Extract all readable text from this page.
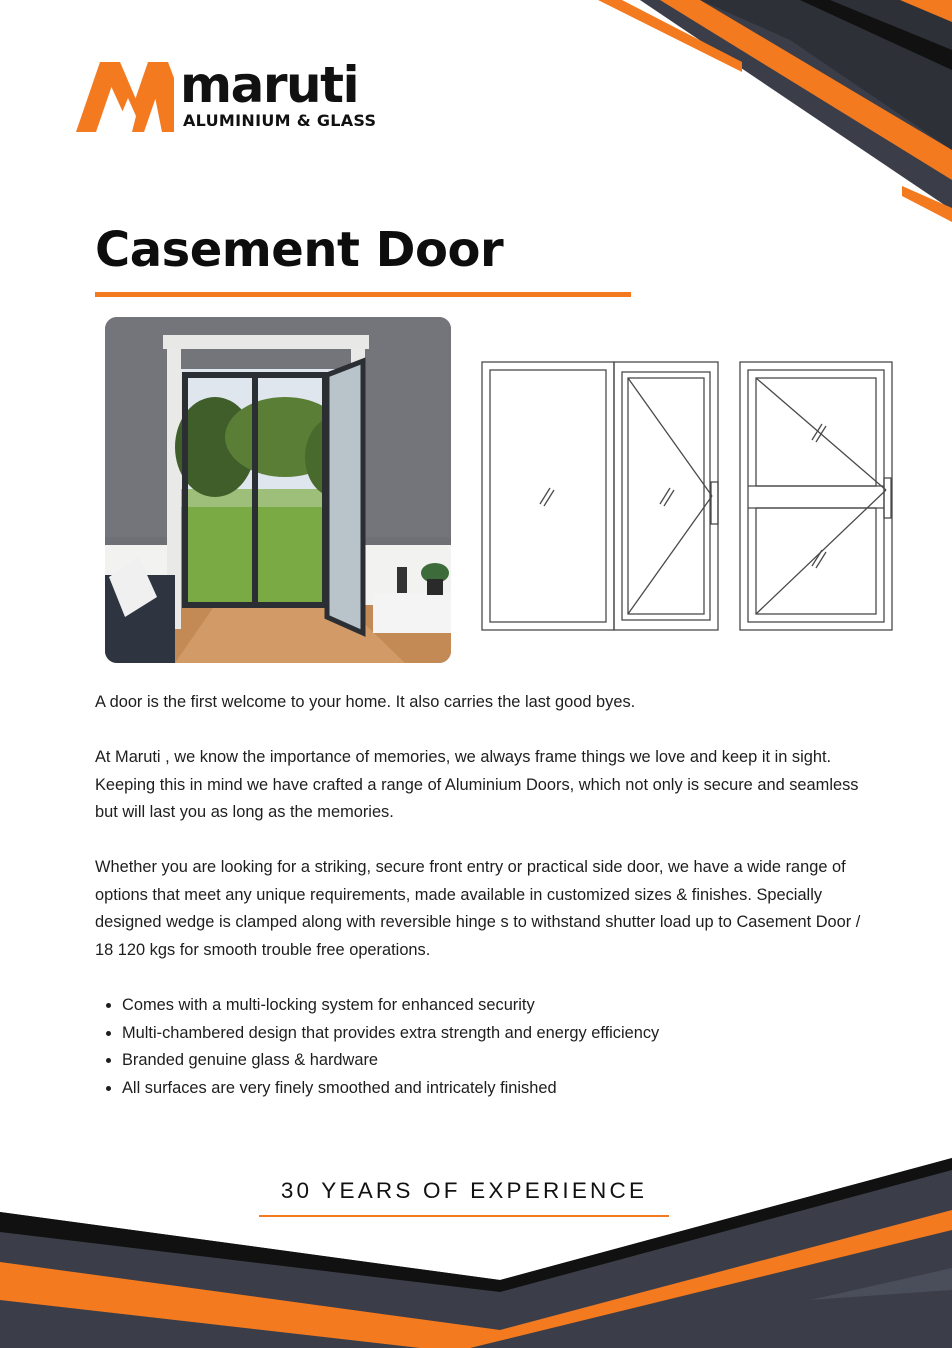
maruti
ALUMINIUM & GLASS
Casement Door

A door is the first welcome to your home. It also carries the last good byes.

At Maruti , we know the importance of memories, we always frame things we love and keep it in sight. Keeping this in mind we have crafted a range of Aluminium Doors, which not only is secure and seamless but will last you as long as the memories.

Whether you are looking for a striking, secure front entry or practical side door, we have a wide range of options that meet any unique requirements, made available in customized sizes & finishes. Specially designed wedge is clamped along with reversible hinge s to withstand shutter load up to Casement Door / 18 120 kgs for smooth trouble free operations.

• Comes with a multi-locking system for enhanced security
• Multi-chambered design that provides extra strength and energy efficiency
• Branded genuine glass & hardware
• All surfaces are very finely smoothed and intricately finished
30 YEARS OF EXPERIENCE
